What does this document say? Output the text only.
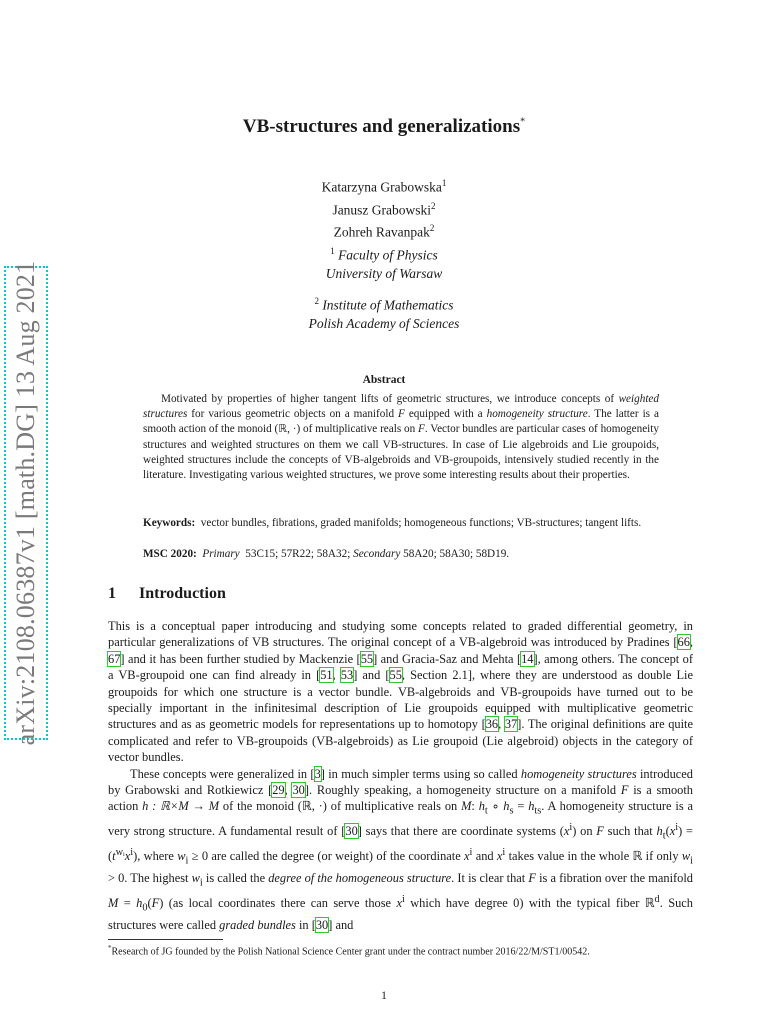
arXiv:2108.06387v1 [math.DG] 13 Aug 2021
VB-structures and generalizations*
Katarzyna Grabowska$^1$
Janusz Grabowski$^2$
Zohreh Ravanpak$^2$
$^1$ Faculty of Physics
University of Warsaw
$^2$ Institute of Mathematics
Polish Academy of Sciences
Abstract
Motivated by properties of higher tangent lifts of geometric structures, we introduce concepts of weighted structures for various geometric objects on a manifold F equipped with a homogeneity structure. The latter is a smooth action of the monoid (ℝ, ·) of multiplicative reals on F. Vector bundles are particular cases of homogeneity structures and weighted structures on them we call VB-structures. In case of Lie algebroids and Lie groupoids, weighted structures include the concepts of VB-algebroids and VB-groupoids, intensively studied recently in the literature. Investigating various weighted structures, we prove some interesting results about their properties.
Keywords: vector bundles, fibrations, graded manifolds; homogeneous functions; VB-structures; tangent lifts.
MSC 2020: Primary 53C15; 57R22; 58A32; Secondary 58A20; 58A30; 58D19.
1 Introduction

This is a conceptual paper introducing and studying some concepts related to graded differential geometry, in particular generalizations of VB structures. The original concept of a VB-algebroid was introduced by Pradines [66, 67] and it has been further studied by Mackenzie [55] and Gracia-Saz and Mehta [14], among others. The concept of a VB-groupoid one can find already in [51, 53] and [55, Section 2.1], where they are understood as double Lie groupoids for which one structure is a vector bundle. VB-algebroids and VB-groupoids have turned out to be specially important in the infinitesimal description of Lie groupoids equipped with multiplicative geometric structures and as as geometric models for representations up to homotopy [36, 37]. The original definitions are quite complicated and refer to VB-groupoids (VB-algebroids) as Lie groupoid (Lie algebroid) objects in the category of vector bundles.

These concepts were generalized in [3] in much simpler terms using so called homogeneity structures introduced by Grabowski and Rotkiewicz [29, 30]. Roughly speaking, a homogeneity structure on a manifold F is a smooth action h : ℝ×M → M of the monoid (ℝ, ·) of multiplicative reals on M: $h_t$ ∘ $h_s = h_{ts}$. A homogeneity structure is a very strong structure. A fundamental result of [30] says that there are coordinate systems $(x^i)$ on F such that $h_t(x^i) = (t^{wᵢ}x^i)$, where $w_i \ge 0$ are called the degree (or weight) of the coordinate $x^i$ and $x^i$ takes value in the whole ℝ if only $w_i > 0$. The highest $w_i$ is called the degree of the homogeneous structure. It is clear that F is a fibration over the manifold $M = h_0(F)$ (as local coordinates there can serve those $x^i$ which have degree 0) with the typical fiber ℝ$^d$. Such structures were called graded bundles in [30] and

*Research of JG founded by the Polish National Science Center grant under the contract number 2016/22/M/ST1/00542.
1
